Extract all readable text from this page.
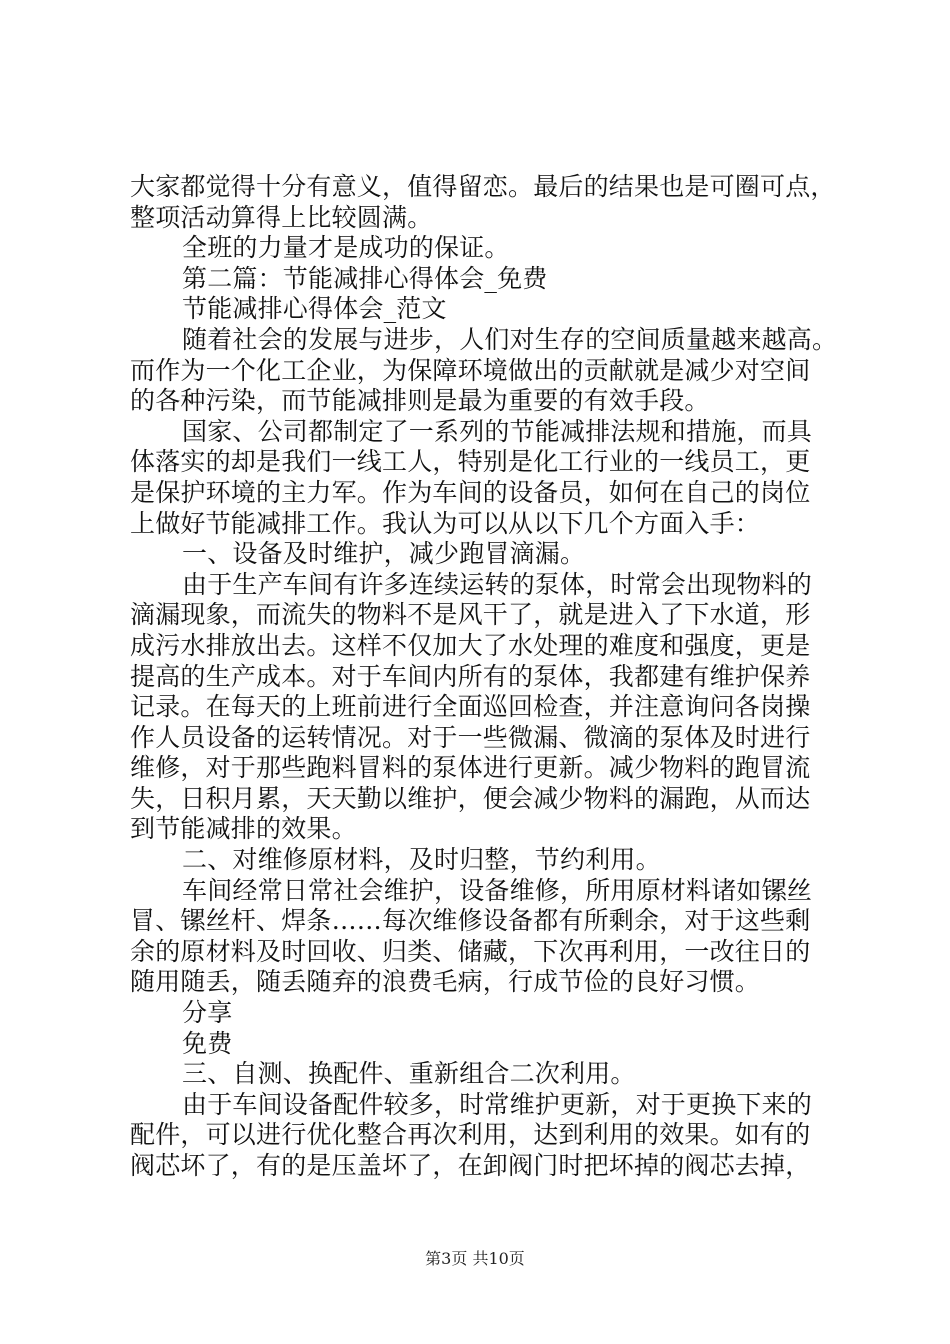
大家都觉得十分有意义，值得留恋。最后的结果也是可圈可点，
整项活动算得上比较圆满。
全班的力量才是成功的保证。
第二篇：节能减排心得体会_免费
节能减排心得体会_范文
随着社会的发展与进步，人们对生存的空间质量越来越高。
而作为一个化工企业，为保障环境做出的贡献就是减少对空间
的各种污染，而节能减排则是最为重要的有效手段。
国家、公司都制定了一系列的节能减排法规和措施，而具
体落实的却是我们一线工人，特别是化工行业的一线员工，更
是保护环境的主力军。作为车间的设备员，如何在自己的岗位
上做好节能减排工作。我认为可以从以下几个方面入手：
一、设备及时维护，减少跑冒滴漏。
由于生产车间有许多连续运转的泵体，时常会出现物料的
滴漏现象，而流失的物料不是风干了，就是进入了下水道，形
成污水排放出去。这样不仅加大了水处理的难度和强度，更是
提高的生产成本。对于车间内所有的泵体，我都建有维护保养
记录。在每天的上班前进行全面巡回检查，并注意询问各岗操
作人员设备的运转情况。对于一些微漏、微滴的泵体及时进行
维修，对于那些跑料冒料的泵体进行更新。减少物料的跑冒流
失，日积月累，天天勤以维护，便会减少物料的漏跑，从而达
到节能减排的效果。
二、对维修原材料，及时归整，节约利用。
车间经常日常社会维护，设备维修，所用原材料诸如镙丝
冒、镙丝杆、焊条……每次维修设备都有所剩余，对于这些剩
余的原材料及时回收、归类、储藏，下次再利用，一改往日的
随用随丢，随丢随弃的浪费毛病，行成节俭的良好习惯。
分享
免费
三、自测、换配件、重新组合二次利用。
由于车间设备配件较多，时常维护更新，对于更换下来的
配件，可以进行优化整合再次利用，达到利用的效果。如有的
阀芯坏了，有的是压盖坏了，在卸阀门时把坏掉的阀芯去掉，
第3页 共10页
